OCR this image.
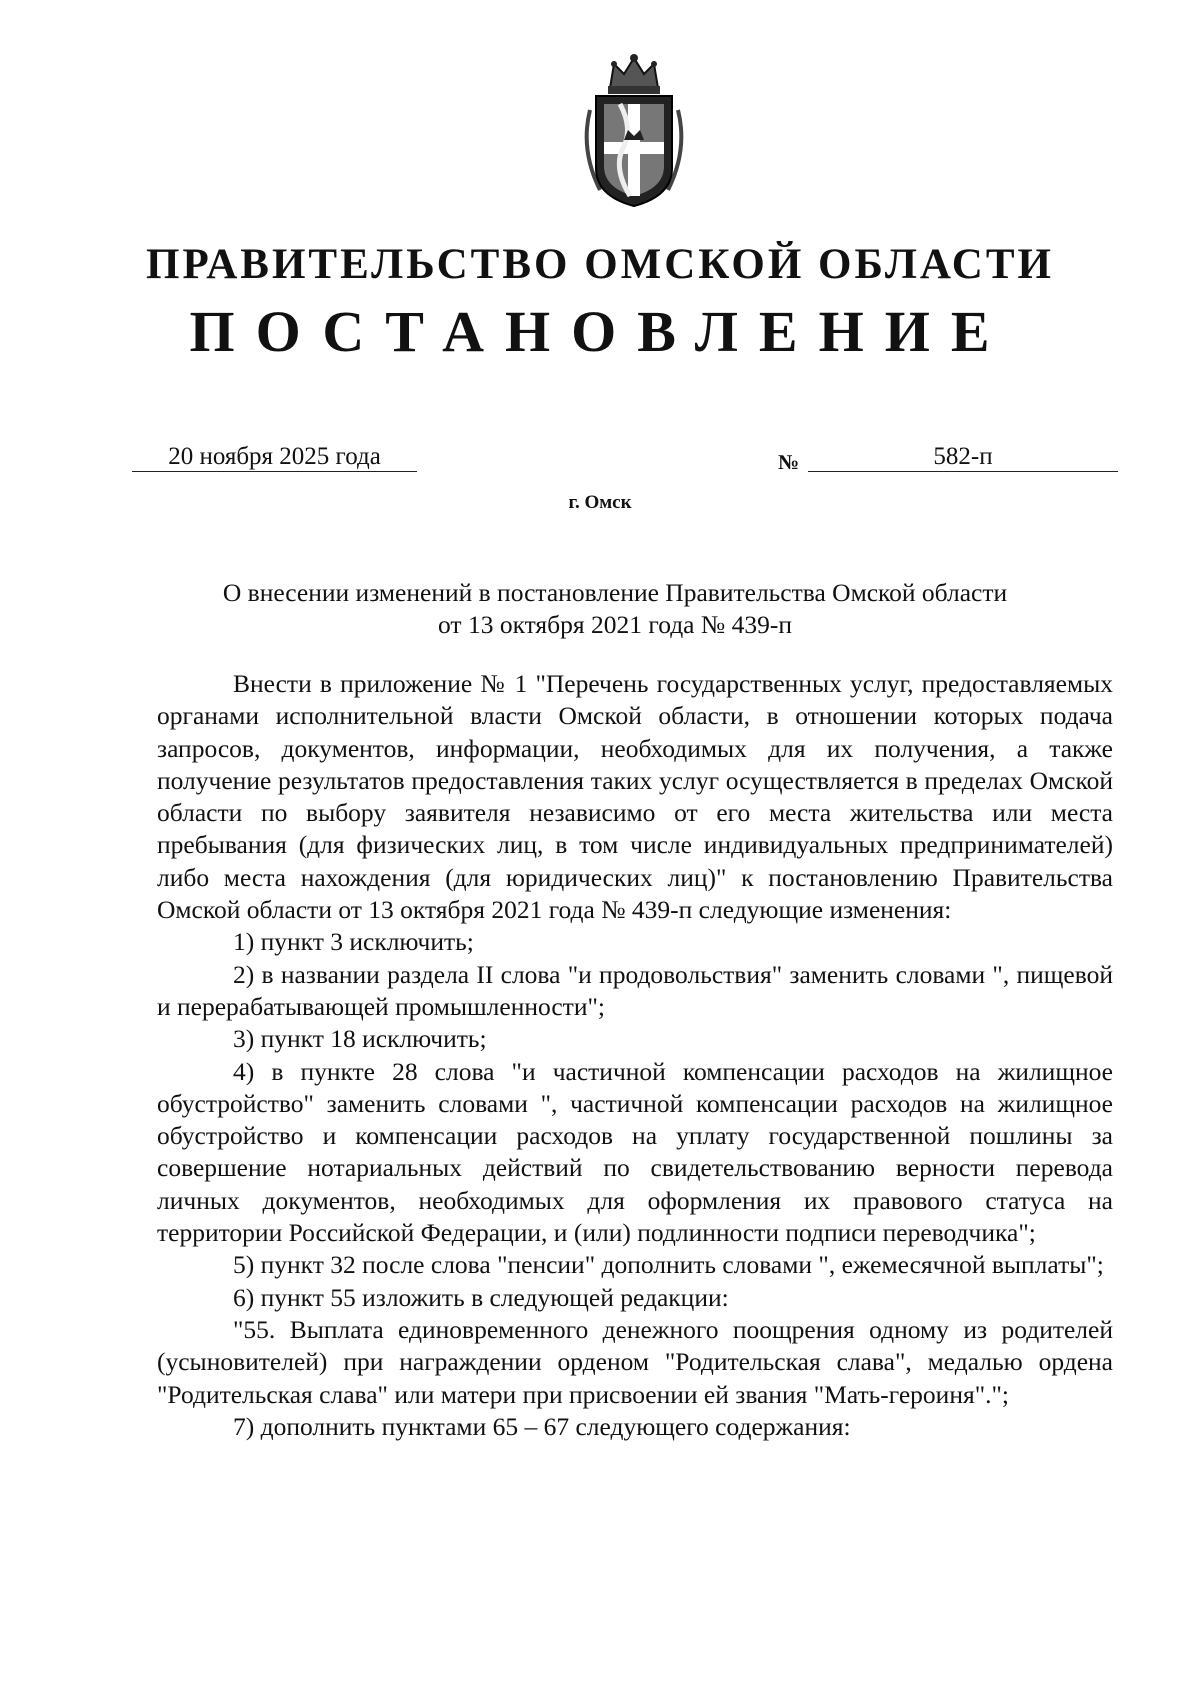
ПРАВИТЕЛЬСТВО ОМСКОЙ ОБЛАСТИ
ПОСТАНОВЛЕНИЕ
20 ноября 2025 года	№	582-п
г. Омск
О внесении изменений в постановление Правительства Омской области
от 13 октября 2021 года № 439-п

Внести в приложение № 1 "Перечень государственных услуг, предоставляемых органами исполнительной власти Омской области, в отношении которых подача запросов, документов, информации, необходимых для их получения, а также получение результатов предоставления таких услуг осуществляется в пределах Омской области по выбору заявителя независимо от его места жительства или места пребывания (для физических лиц, в том числе индивидуальных предпринимателей) либо места нахождения (для юридических лиц)" к постановлению Правительства Омской области от 13 октября 2021 года № 439-п следующие изменения:

1) пункт 3 исключить;

2) в названии раздела II слова "и продовольствия" заменить словами ", пищевой и перерабатывающей промышленности";

3) пункт 18 исключить;

4) в пункте 28 слова "и частичной компенсации расходов на жилищное обустройство" заменить словами ", частичной компенсации расходов на жилищное обустройство и компенсации расходов на уплату государственной пошлины за совершение нотариальных действий по свидетельствованию верности перевода личных документов, необходимых для оформления их правового статуса на территории Российской Федерации, и (или) подлинности подписи переводчика";

5) пункт 32 после слова "пенсии" дополнить словами ", ежемесячной выплаты";

6) пункт 55 изложить в следующей редакции:

"55. Выплата единовременного денежного поощрения одному из родителей (усыновителей) при награждении орденом "Родительская слава", медалью ордена "Родительская слава" или матери при присвоении ей звания "Мать-героиня".";

7) дополнить пунктами 65 – 67 следующего содержания:
